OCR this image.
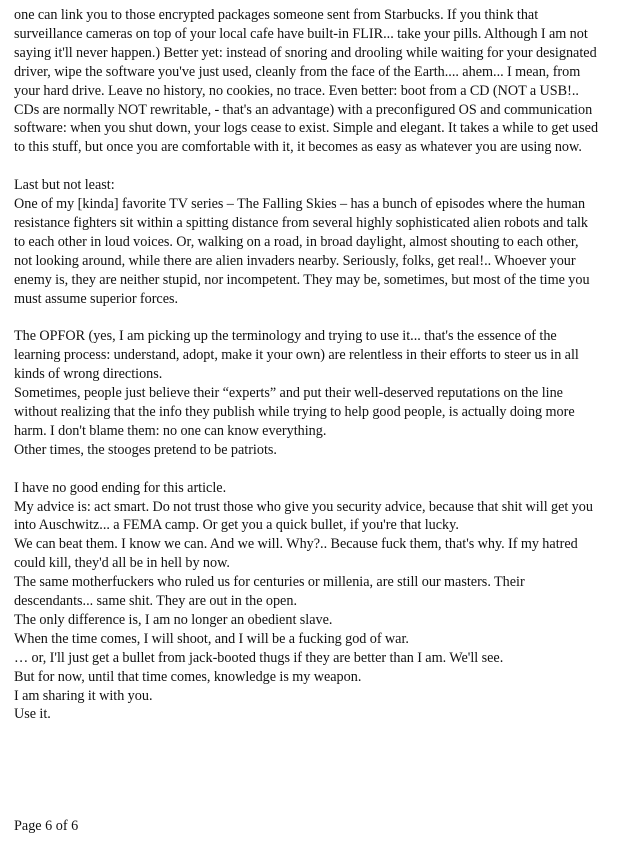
one can link you to those encrypted packages someone sent from Starbucks. If you think that
surveillance cameras on top of your local cafe have built-in FLIR... take your pills. Although I am not
saying it'll never happen.) Better yet: instead of snoring and drooling while waiting for your designated
driver, wipe the software you've just used, cleanly from the face of the Earth.... ahem... I mean, from
your hard drive. Leave no history, no cookies, no trace. Even better: boot from a CD (NOT a USB!..
CDs are normally NOT rewritable, - that's an advantage) with a preconfigured OS and communication
software: when you shut down, your logs cease to exist. Simple and elegant. It takes a while to get used
to this stuff, but once you are comfortable with it, it becomes as easy as whatever you are using now.
Last but not least:
One of my [kinda] favorite TV series – The Falling Skies – has a bunch of episodes where the human
resistance fighters sit within a spitting distance from several highly sophisticated alien robots and talk
to each other in loud voices. Or, walking on a road, in broad daylight, almost shouting to each other,
not looking around, while there are alien invaders nearby. Seriously, folks, get real!.. Whoever your
enemy is, they are neither stupid, nor incompetent. They may be, sometimes, but most of the time you
must assume superior forces.
The OPFOR (yes, I am picking up the terminology and trying to use it... that's the essence of the
learning process: understand, adopt, make it your own) are relentless in their efforts to steer us in all
kinds of wrong directions.
Sometimes, people just believe their “experts” and put their well-deserved reputations on the line
without realizing that the info they publish while trying to help good people, is actually doing more
harm. I don't blame them: no one can know everything.
Other times, the stooges pretend to be patriots.
I have no good ending for this article.
My advice is: act smart. Do not trust those who give you security advice, because that shit will get you
into Auschwitz... a FEMA camp. Or get you a quick bullet, if you're that lucky.
We can beat them. I know we can. And we will. Why?.. Because fuck them, that's why. If my hatred
could kill, they'd all be in hell by now.
The same motherfuckers who ruled us for centuries or millenia, are still our masters. Their
descendants... same shit. They are out in the open.
The only difference is, I am no longer an obedient slave.
When the time comes, I will shoot, and I will be a fucking god of war.
… or, I'll just get a bullet from jack-booted thugs if they are better than I am. We'll see.
But for now, until that time comes, knowledge is my weapon.
I am sharing it with you.
Use it.
Page 6 of 6
